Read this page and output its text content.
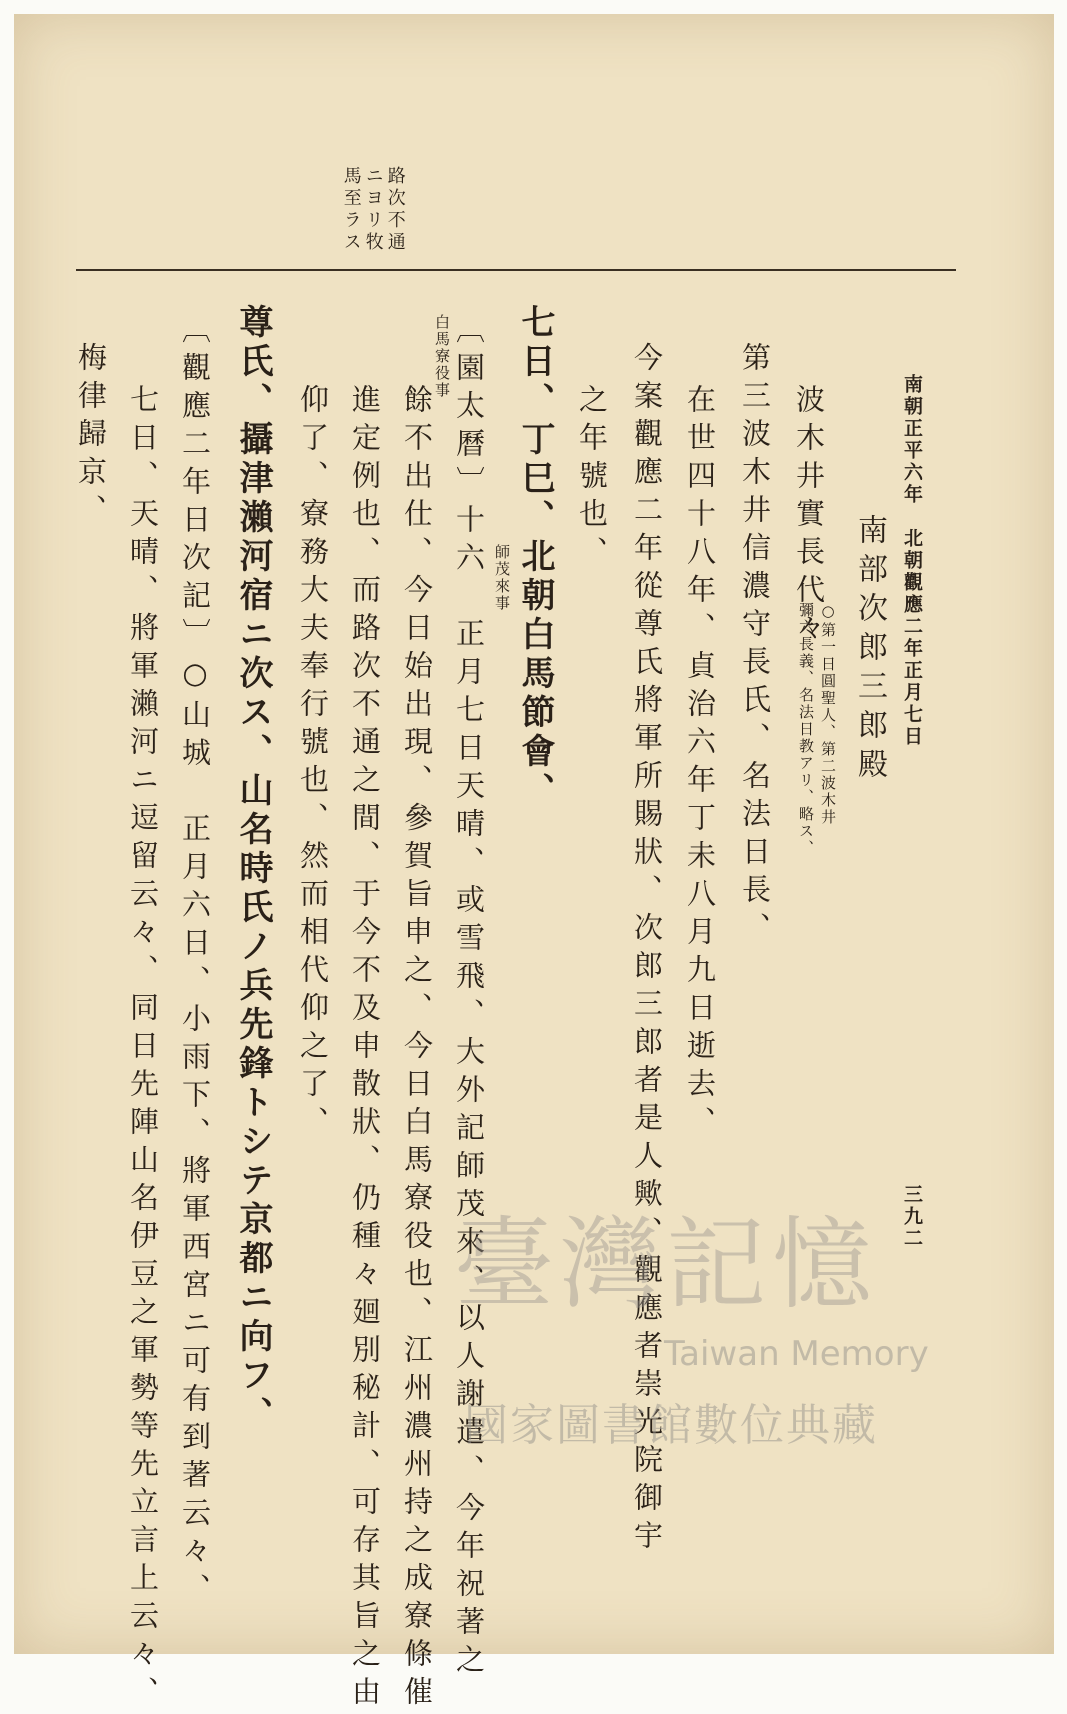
南朝正平六年　北朝觀應二年正月七日
三九二
南部次郎三郎殿
波木井實長代々
○第一日圓聖人、第二波木井
彌六長義、名法日教アリ、略ス、
第三波木井信濃守長氏、名法日長、
在世四十八年、貞治六年丁未八月九日逝去、
今案觀應二年從尊氏將軍所賜狀、次郎三郎者是人歟、觀應者崇光院御宇
之年號也、
七日、丁巳、北朝白馬節會、
〔園太曆〕十六　正月七日天晴、或雪飛、大外記師茂來、以人謝遣、今年祝著之 師茂來事
餘不出仕、今日始出現、參賀旨申之、今日白馬寮役也、江州濃州持之成寮條催
白馬寮役事
進定例也、而路次不通之間、于今不及申散狀、仍種々廻別秘計、可存其旨之由
仰了、寮務大夫奉行號也、然而相代仰之了、
尊氏、攝津瀨河宿ニ次ス、山名時氏ノ兵先鋒トシテ京都ニ向フ、
〔觀應二年日次記〕○山城　正月六日、小雨下、將軍西宮ニ可有到著云々、
七日、天晴、將軍瀨河ニ逗留云々、同日先陣山名伊豆之軍勢等先立言上云々、
梅律歸京、
路次不通
ニヨリ牧
馬至ラス
臺灣記憶
Taiwan Memory
國家圖書館數位典藏
